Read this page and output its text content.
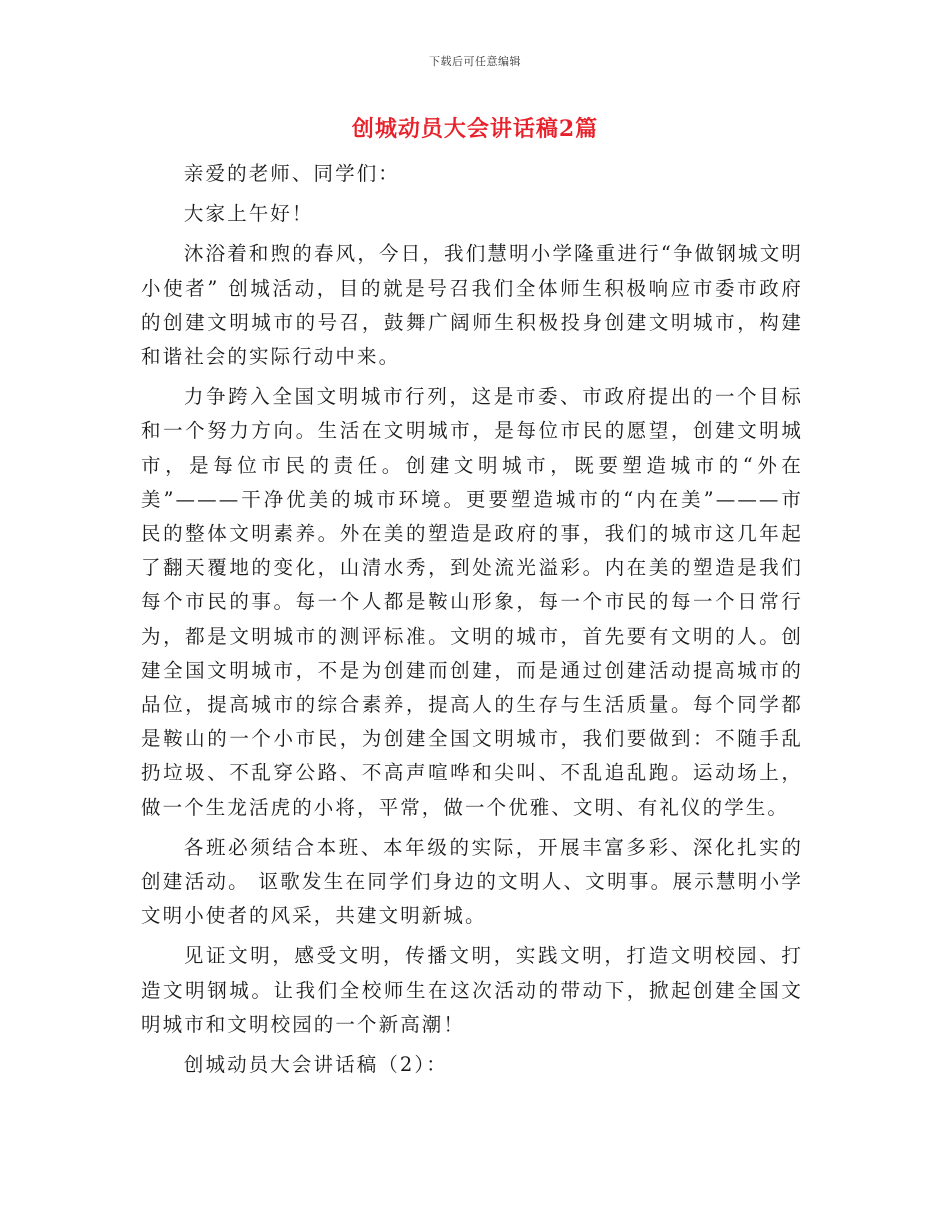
下载后可任意编辑
创城动员大会讲话稿2篇

亲爱的老师、同学们：

大家上午好！

沐浴着和煦的春风，今日，我们慧明小学隆重进行“争做钢城文明小使者” 创城活动，目的就是号召我们全体师生积极响应市委市政府的创建文明城市的号召，鼓舞广阔师生积极投身创建文明城市，构建和谐社会的实际行动中来。

力争跨入全国文明城市行列，这是市委、市政府提出的一个目标和一个努力方向。生活在文明城市，是每位市民的愿望，创建文明城市，是每位市民的责任。创建文明城市，既要塑造城市的“外在美”———干净优美的城市环境。更要塑造城市的“内在美”———市民的整体文明素养。外在美的塑造是政府的事，我们的城市这几年起了翻天覆地的变化，山清水秀，到处流光溢彩。内在美的塑造是我们每个市民的事。每一个人都是鞍山形象，每一个市民的每一个日常行为，都是文明城市的测评标准。文明的城市，首先要有文明的人。创建全国文明城市，不是为创建而创建，而是通过创建活动提高城市的品位，提高城市的综合素养，提高人的生存与生活质量。每个同学都是鞍山的一个小市民，为创建全国文明城市，我们要做到：不随手乱扔垃圾、不乱穿公路、不高声喧哗和尖叫、不乱追乱跑。运动场上，做一个生龙活虎的小将，平常，做一个优雅、文明、有礼仪的学生。

各班必须结合本班、本年级的实际，开展丰富多彩、深化扎实的创建活动。 讴歌发生在同学们身边的文明人、文明事。展示慧明小学文明小使者的风采，共建文明新城。

见证文明，感受文明，传播文明，实践文明，打造文明校园、打造文明钢城。让我们全校师生在这次活动的带动下，掀起创建全国文明城市和文明校园的一个新高潮！

创城动员大会讲话稿（2）：
